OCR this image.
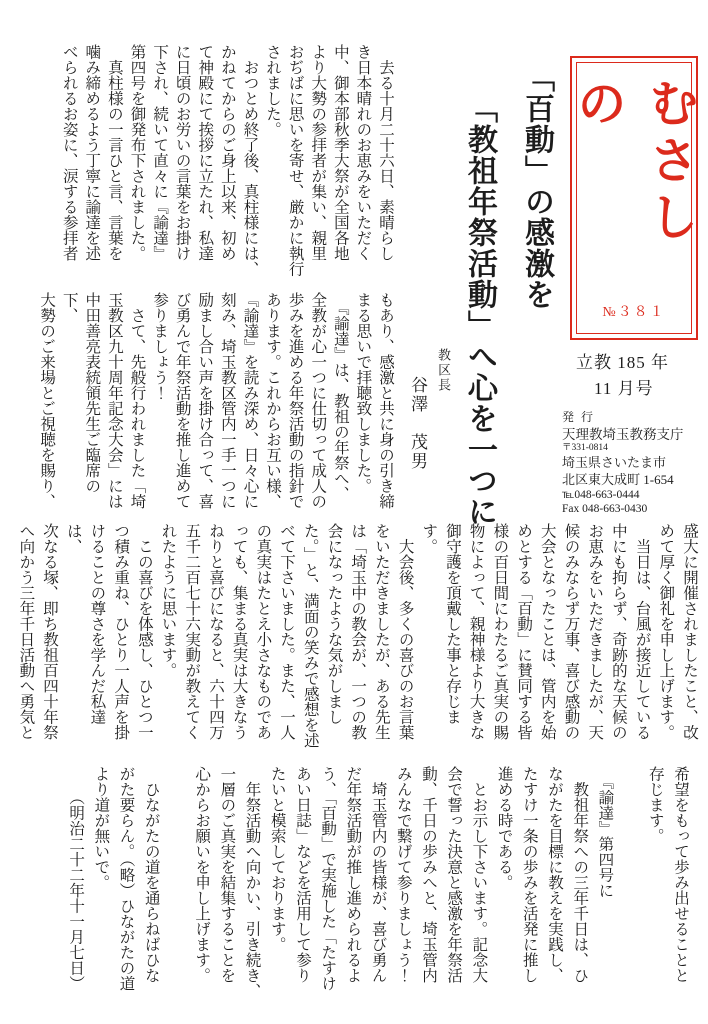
むさしの
№３８１
立教 185 年
11 月号
発 行
天理教埼玉教務支庁
〒331-0814
埼玉県さいたま市
北区東大成町 1-654
℡048-663-0444
Fax 048-663-0430
「百動」の感激を
「教祖年祭活動」へ心を一つに
教区長
谷澤　茂男
　去る十月二十六日、素晴らし
き日本晴れのお恵みをいただく
中、御本部秋季大祭が全国各地
より大勢の参拝者が集い、親里
おぢばに思いを寄せ、厳かに執行
されました。
　おつとめ終了後、真柱様には、
かねてからのご身上以来、初め
て神殿にて挨拶に立たれ、私達
に日頃のお労いの言葉をお掛け
下され、続いて直々に『諭達』
第四号を御発布下されました。
　真柱様の一言ひと言、言葉を
噛み締めるよう丁寧に諭達を述
べられるお姿に、涙する参拝者
もあり、感激と共に身の引き締
まる思いで拝聴致しました。
　『諭達』は、教祖の年祭へ、
全教が心一つに仕切って成人の
歩みを進める年祭活動の指針で
あります。これからお互い様、
『諭達』を読み深め、日々心に
刻み、埼玉教区管内一手一つに
励まし合い声を掛け合って、喜
び勇んで年祭活動を推し進めて
参りましょう！
　さて、先般行われました「埼
玉教区九十周年記念大会」には
中田善亮表統領先生ご臨席の下、
大勢のご来場とご視聴を賜り、
盛大に開催されましたこと、改
めて厚く御礼を申し上げます。
　当日は、台風が接近している
中にも拘らず、奇跡的な天候の
お恵みをいただきましたが、天
候のみならず万事、喜び感動の
大会となったことは、管内を始
めとする「百動」に賛同する皆
様の百日間にわたるご真実の賜
物によって、親神様より大きな
御守護を頂戴した事と存じます。
　大会後、多くの喜びのお言葉
をいただきましたが、ある先生
は「埼玉中の教会が、一つの教
会になったような気がしまし
た。」と、満面の笑みで感想を述
べて下さいました。また、一人
の真実はたとえ小さなものであ
っても、集まる真実は大きなう
ねりと喜びになると、六十四万
五千二百七十六実動が教えてく
れたように思います。
　この喜びを体感し、ひとつ一
つ積み重ね、ひとり一人声を掛
けることの尊さを学んだ私達は、
次なる塚、即ち教祖百四十年祭
へ向かう三年千日活動へ勇気と
希望をもって歩み出せることと
存じます。

　『諭達』第四号に
　教祖年祭への三年千日は、ひ
ながたを目標に教えを実践し、
たすけ一条の歩みを活発に推し
進める時である。
　とお示し下さいます。記念大
会で誓った決意と感激を年祭活
動、千日の歩みへと、埼玉管内
みんなで繋げて参りましょう！
　埼玉管内の皆様が、喜び勇ん
だ年祭活動が推し進められるよ
う、「百動」で実施した「たすけ
あい日誌」などを活用して参り
たいと模索しております。
　年祭活動へ向かい、引き続き、
一層のご真実を結集することを
心からお願いを申し上げます。

　ひながたの道を通らねばひな
がた要らん。（略）ひながたの道
より道が無いで。
　　（明治二十二年十一月七日）
